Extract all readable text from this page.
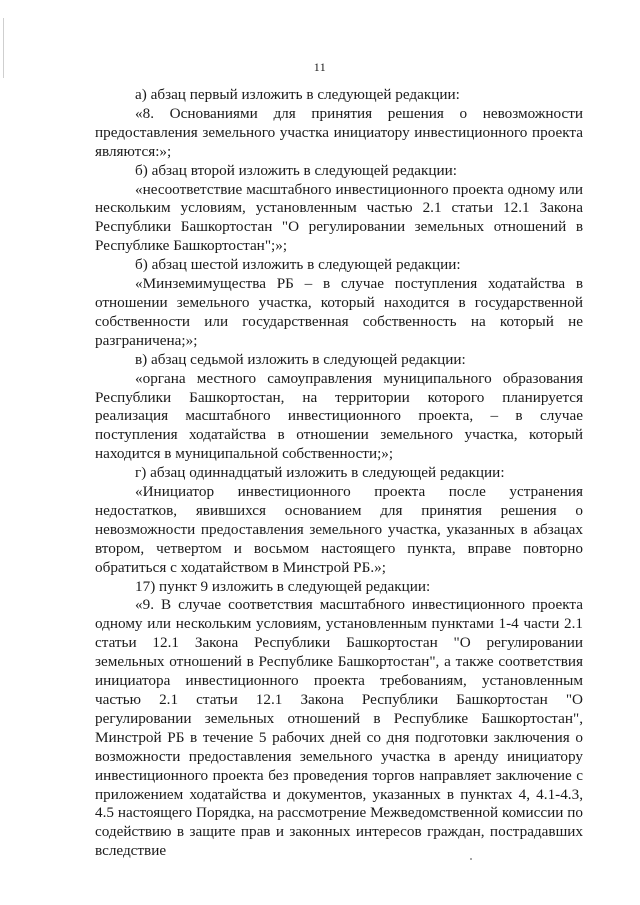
11

а) абзац первый изложить в следующей редакции:

«8. Основаниями для принятия решения о невозможности предоставления земельного участка инициатору инвестиционного проекта являются:»;

б) абзац второй изложить в следующей редакции:

«несоответствие масштабного инвестиционного проекта одному или нескольким условиям, установленным частью 2.1 статьи 12.1 Закона Республики Башкортостан "О регулировании земельных отношений в Республике Башкортостан";»;

б) абзац шестой изложить в следующей редакции:

«Минземимущества РБ – в случае поступления ходатайства в отношении земельного участка, который находится в государственной собственности или государственная собственность на который не разграничена;»;

в) абзац седьмой изложить в следующей редакции:

«органа местного самоуправления муниципального образования Республики Башкортостан, на территории которого планируется реализация масштабного инвестиционного проекта, – в случае поступления ходатайства в отношении земельного участка, который находится в муниципальной собственности;»;

г) абзац одиннадцатый изложить в следующей редакции:

«Инициатор инвестиционного проекта после устранения недостатков, явившихся основанием для принятия решения о невозможности предоставления земельного участка, указанных в абзацах втором, четвертом и восьмом настоящего пункта, вправе повторно обратиться с ходатайством в Минстрой РБ.»;

17) пункт 9 изложить в следующей редакции:

«9. В случае соответствия масштабного инвестиционного проекта одному или нескольким условиям, установленным пунктами 1-4 части 2.1 статьи 12.1 Закона Республики Башкортостан "О регулировании земельных отношений в Республике Башкортостан", а также соответствия инициатора инвестиционного проекта требованиям, установленным частью 2.1 статьи 12.1 Закона Республики Башкортостан "О регулировании земельных отношений в Республике Башкортостан", Минстрой РБ в течение 5 рабочих дней со дня подготовки заключения о возможности предоставления земельного участка в аренду инициатору инвестиционного проекта без проведения торгов направляет заключение с приложением ходатайства и документов, указанных в пунктах 4, 4.1-4.3, 4.5 настоящего Порядка, на рассмотрение Межведомственной комиссии по содействию в защите прав и законных интересов граждан, пострадавших вследствие
